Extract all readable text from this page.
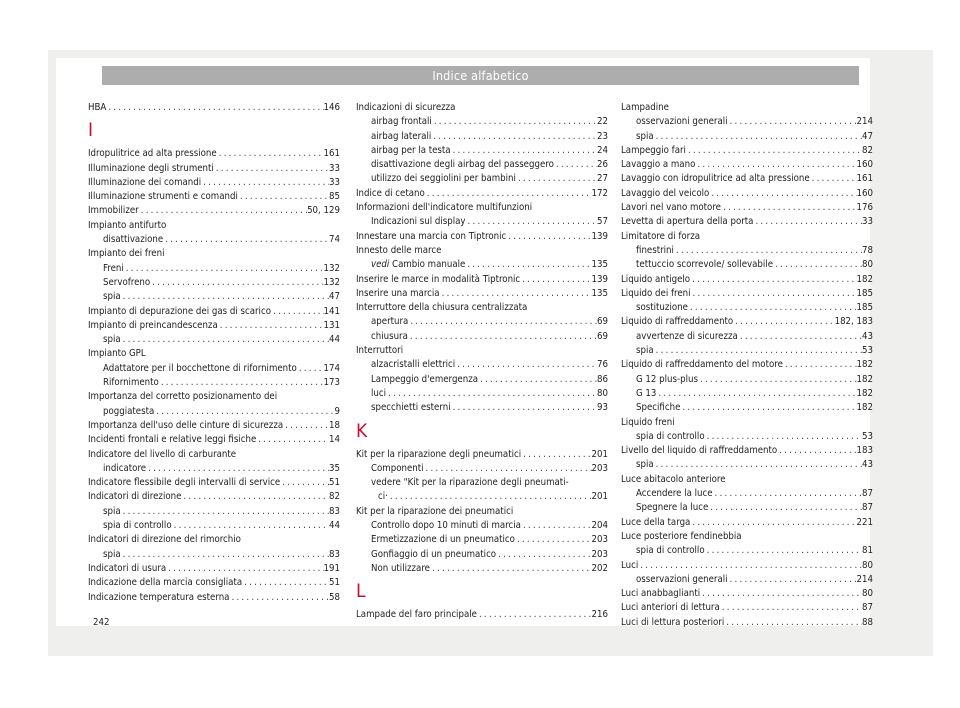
Indice alfabetico
HBA . . .	146
I
Idropulitrice ad alta pressione . . .	161
Illuminazione degli strumenti . . .	33
Illuminazione dei comandi . . .	33
Illuminazione strumenti e comandi . . .	85
Immobilizer . . .	50, 129
Impianto antifurto
disattivazione . . .	74
Impianto dei freni
Freni . . .	132
Servofreno . . .	132
spia . . .	47
Impianto di depurazione dei gas di scarico . . .	141
Impianto di preincandescenza . . .	131
spia . . .	44
Impianto GPL
Adattatore per il bocchettone di rifornimento . . .	174
Rifornimento . . .	173
Importanza del corretto posizionamento dei
poggiatesta . . .	9
Importanza dell'uso delle cinture di sicurezza . . .	18
Incidenti frontali e relative leggi fisiche . . .	14
Indicatore del livello di carburante
indicatore . . .	35
Indicatore flessibile degli intervalli di service . . .	51
Indicatori di direzione . . .	82
spia . . .	83
spia di controllo . . .	44
Indicatori di direzione del rimorchio
spia . . .	83
Indicatori di usura . . .	191
Indicazione della marcia consigliata . . .	51
Indicazione temperatura esterna . . .	58
Indicazioni di sicurezza
airbag frontali . . .	22
airbag laterali . . .	23
airbag per la testa . . .	24
disattivazione degli airbag del passeggero . . .	26
utilizzo dei seggiolini per bambini . . .	27
Indice di cetano . . .	172
Informazioni dell'indicatore multifunzioni
Indicazioni sul display . . .	57
Innestare una marcia con Tiptronic . . .	139
Innesto delle marce
vedi Cambio manuale . . .	135
Inserire le marce in modalità Tiptronic . . .	139
Inserire una marcia . . .	135
Interruttore della chiusura centralizzata
apertura . . .	69
chiusura . . .	69
Interruttori
alzacristalli elettrici . . .	76
Lampeggio d'emergenza . . .	86
luci . . .	80
specchietti esterni . . .	93
K
Kit per la riparazione degli pneumatici . . .	201
Componenti . . .	203
vedere "Kit per la riparazione degli pneumati-
ci· . . .	201
Kit per la riparazione dei pneumatici
Controllo dopo 10 minuti di marcia . . .	204
Ermetizzazione di un pneumatico . . .	203
Gonfiaggio di un pneumatico . . .	203
Non utilizzare . . .	202
L
Lampade del faro principale . . .	216
Lampadine
osservazioni generali . . .	214
spia . . .	47
Lampeggio fari . . .	82
Lavaggio a mano . . .	160
Lavaggio con idropulitrice ad alta pressione . . .	161
Lavaggio del veicolo . . .	160
Lavori nel vano motore . . .	176
Levetta di apertura della porta . . .	33
Limitatore di forza
finestrini . . .	78
tettuccio scorrevole/ sollevabile . . .	80
Liquido antigelo . . .	182
Liquido dei freni . . .	185
sostituzione . . .	185
Liquido di raffreddamento . . .	182, 183
avvertenze di sicurezza . . .	43
spia . . .	53
Liquido di raffreddamento del motore . . .	182
G 12 plus-plus . . .	182
G 13 . . .	182
Specifiche . . .	182
Liquido freni
spia di controllo . . .	53
Livello del liquido di raffreddamento . . .	183
spia . . .	43
Luce abitacolo anteriore
Accendere la luce . . .	87
Spegnere la luce . . .	87
Luce della targa . . .	221
Luce posteriore fendinebbia
spia di controllo . . .	81
Luci . . .	80
osservazioni generali . . .	214
Luci anabbaglianti . . .	80
Luci anteriori di lettura . . .	87
Luci di lettura posteriori . . .	88
242
